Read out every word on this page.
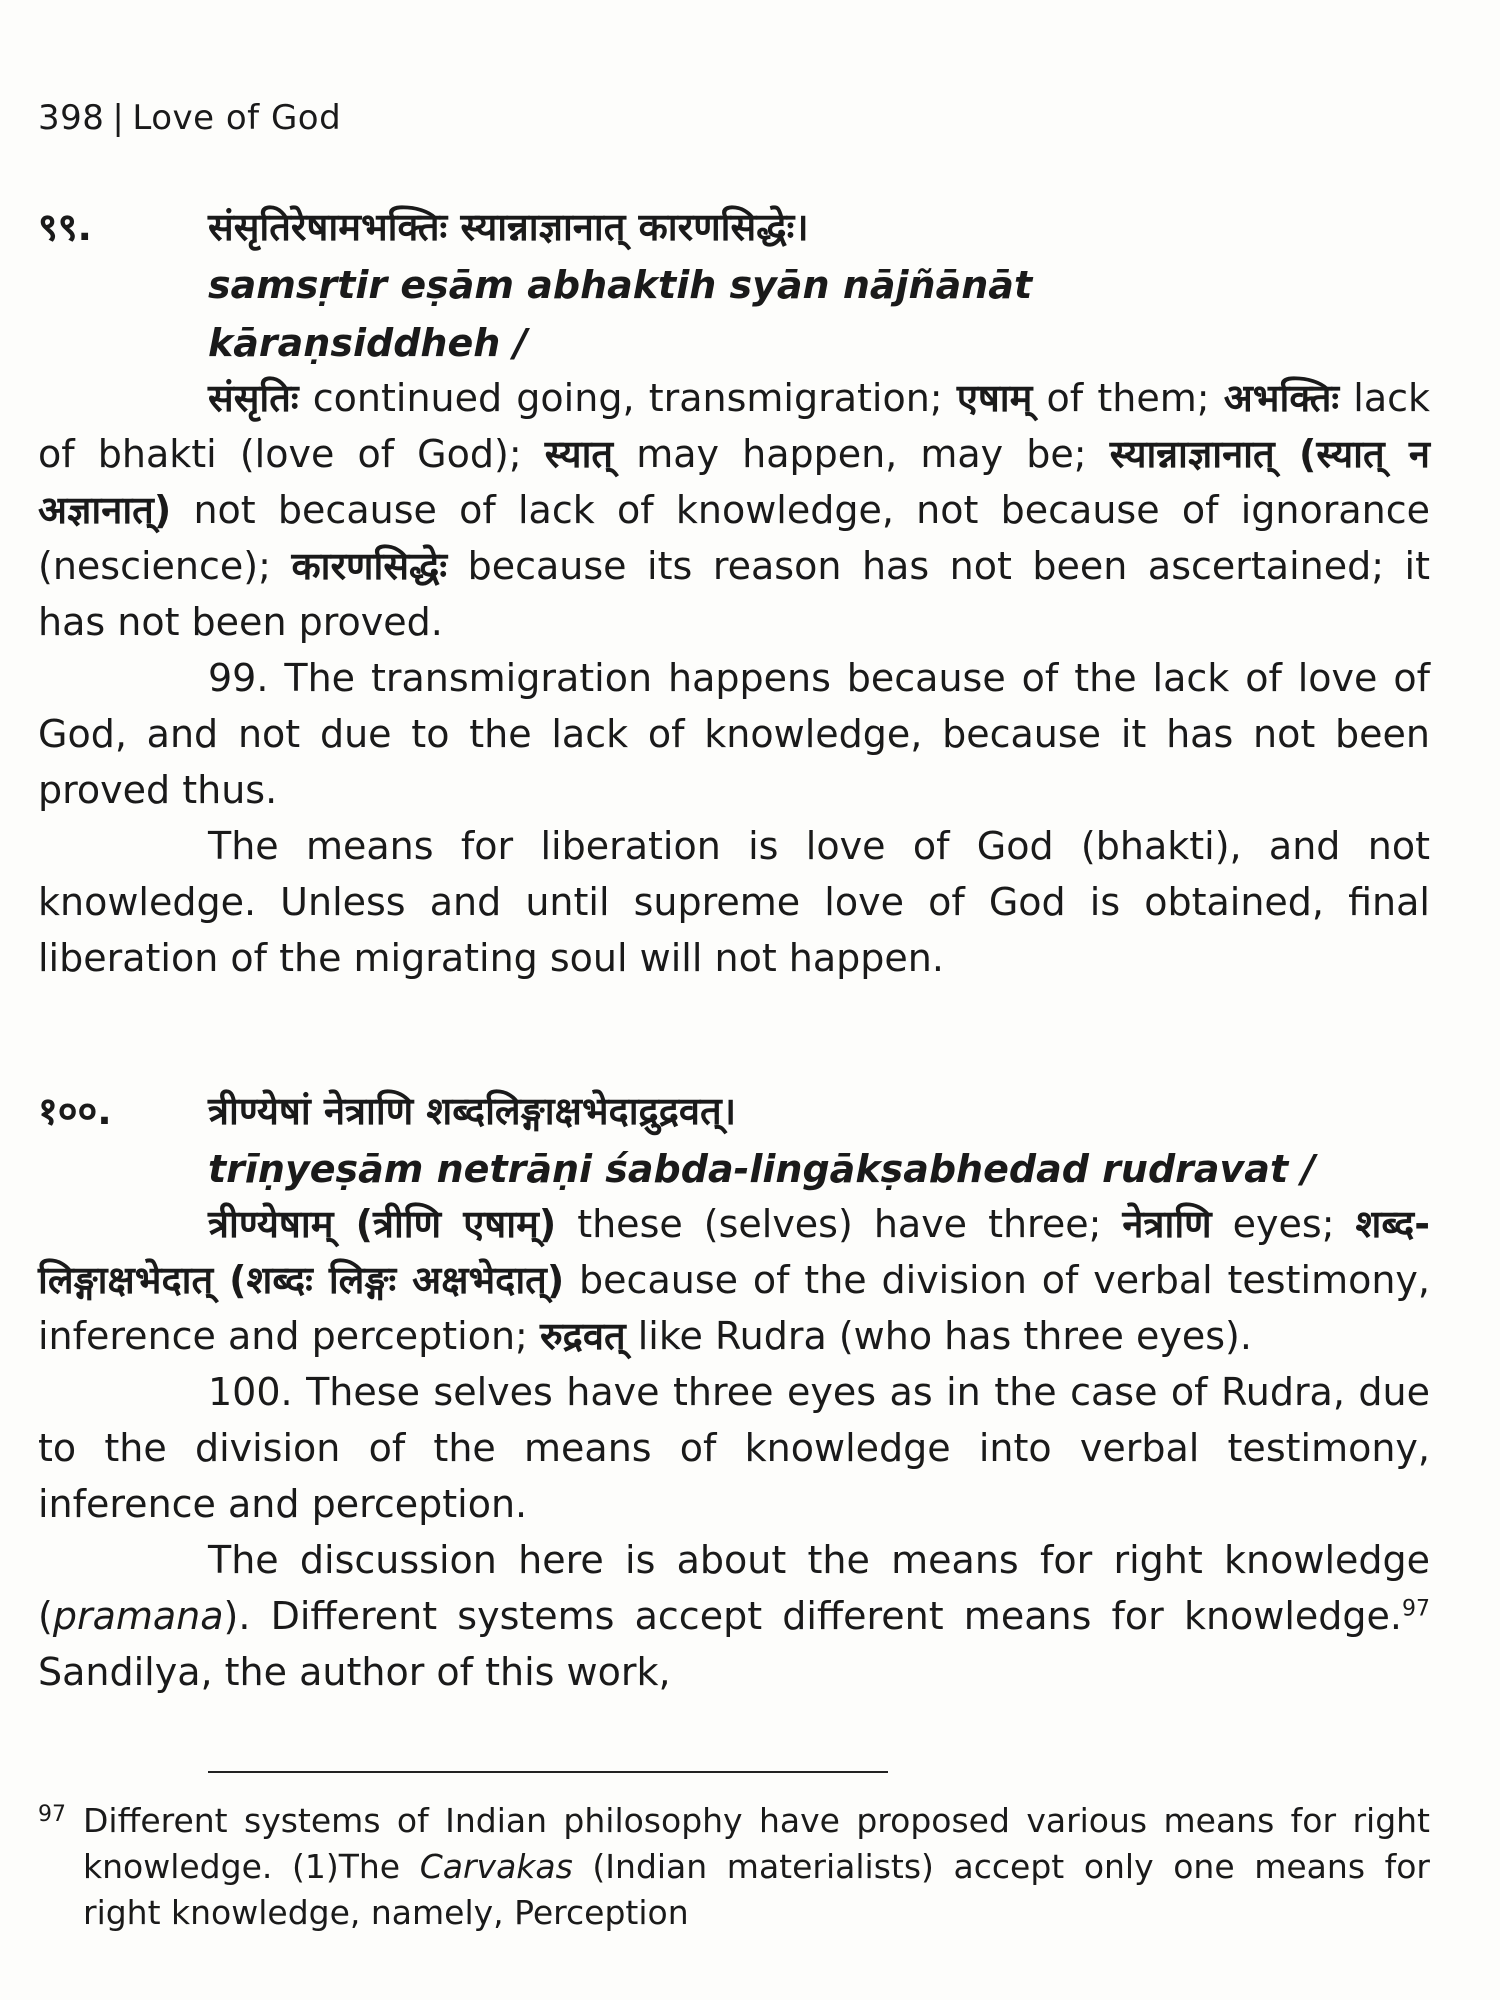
398 | Love of God
९९.	संसृतिरेषामभक्तिः स्यान्नाज्ञानात् कारणसिद्धेः।
samsṛtir eṣām abhaktih syān nājñānāt
kāraṇsiddheh /

संसृतिः continued going, transmigration; एषाम् of them; अभक्तिः lack of bhakti (love of God); स्यात् may happen, may be; स्यान्नाज्ञानात् (स्यात् न अज्ञानात्) not because of lack of knowledge, not because of ignorance (nescience); कारणसिद्धेः because its reason has not been ascertained; it has not been proved.

99. The transmigration happens because of the lack of love of God, and not due to the lack of knowledge, because it has not been proved thus.

The means for liberation is love of God (bhakti), and not knowledge. Unless and until supreme love of God is obtained, final liberation of the migrating soul will not happen.

१००.	त्रीण्येषां नेत्राणि शब्दलिङ्गाक्षभेदाद्रुद्रवत्।
trīṇyeṣām netrāṇi śabda-lingākṣabhedad rudravat /

त्रीण्येषाम् (त्रीणि एषाम्) these (selves) have three; नेत्राणि eyes; शब्द-लिङ्गाक्षभेदात् (शब्दः लिङ्गः अक्षभेदात्) because of the division of verbal testimony, inference and perception; रुद्रवत् like Rudra (who has three eyes).

100. These selves have three eyes as in the case of Rudra, due to the division of the means of knowledge into verbal testimony, inference and perception.

The discussion here is about the means for right knowledge (pramana). Different systems accept different means for knowledge.$^{97}$ Sandilya, the author of this work,

97 Different systems of Indian philosophy have proposed various means for right knowledge. (1)The Carvakas (Indian materialists) accept only one means for right knowledge, namely, Perception
